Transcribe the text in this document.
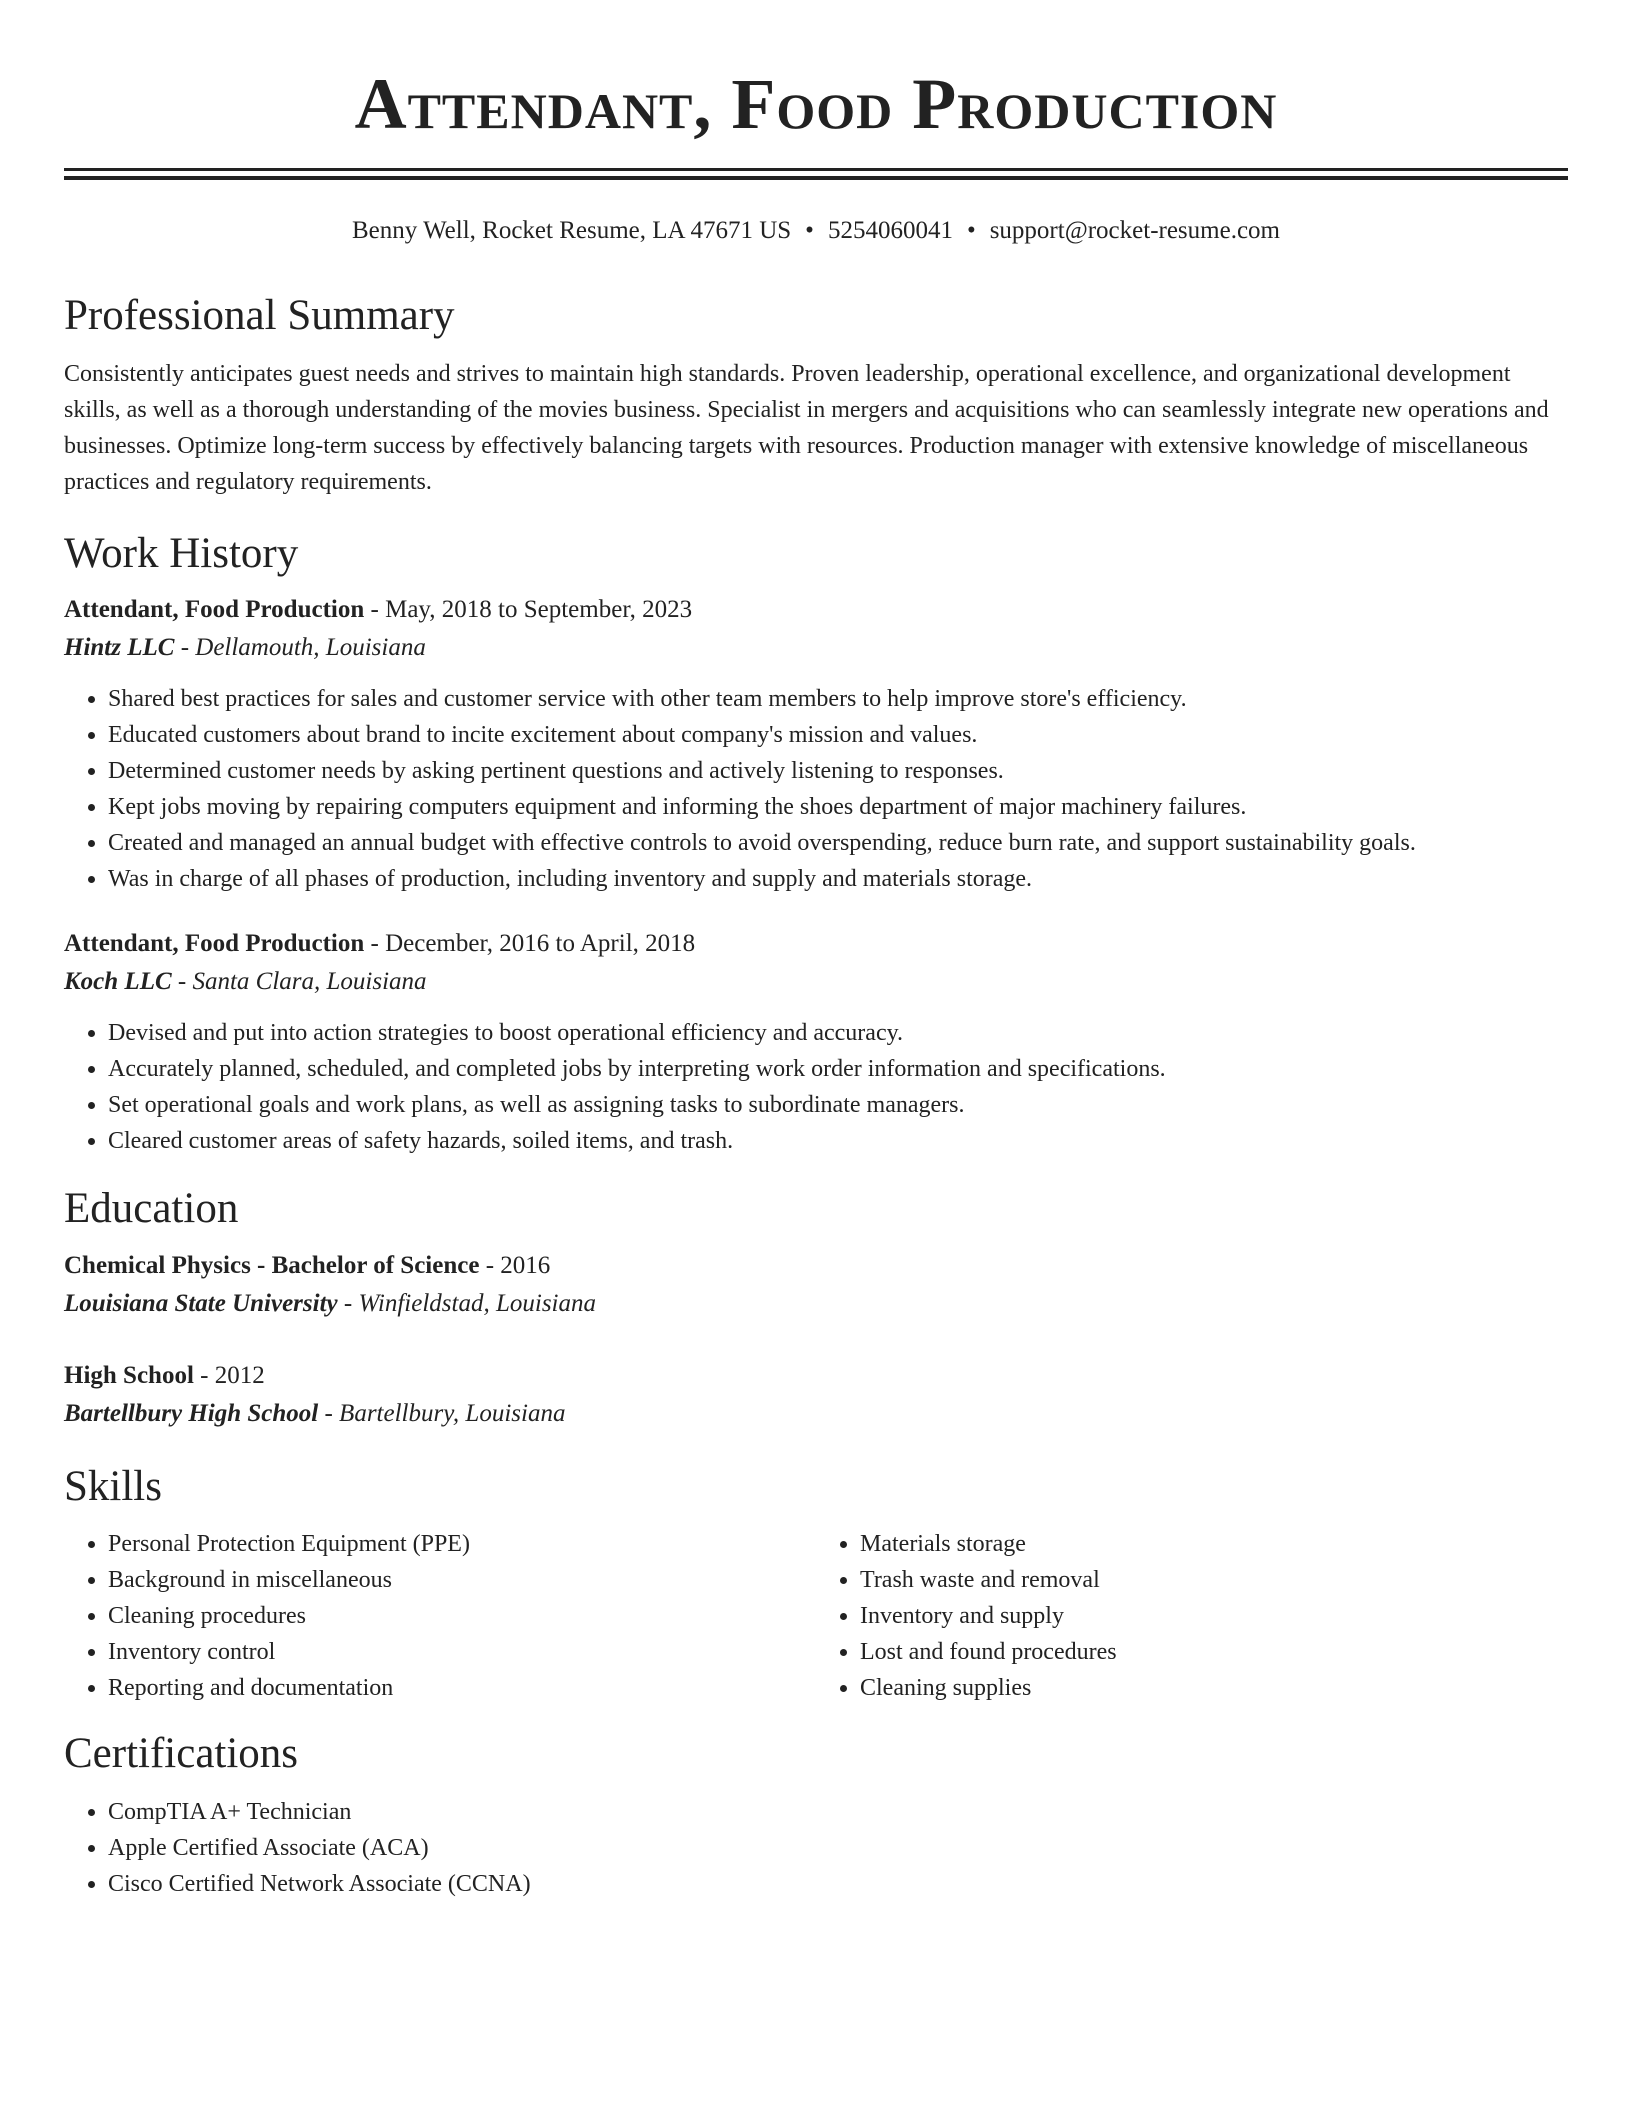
Attendant, Food Production
Benny Well, Rocket Resume, LA 47671 US • 5254060041 • support@rocket-resume.com
Professional Summary
Consistently anticipates guest needs and strives to maintain high standards. Proven leadership, operational excellence, and organizational development skills, as well as a thorough understanding of the movies business. Specialist in mergers and acquisitions who can seamlessly integrate new operations and businesses. Optimize long-term success by effectively balancing targets with resources. Production manager with extensive knowledge of miscellaneous practices and regulatory requirements.
Work History
Attendant, Food Production - May, 2018 to September, 2023
Hintz LLC - Dellamouth, Louisiana
• Shared best practices for sales and customer service with other team members to help improve store's efficiency.
• Educated customers about brand to incite excitement about company's mission and values.
• Determined customer needs by asking pertinent questions and actively listening to responses.
• Kept jobs moving by repairing computers equipment and informing the shoes department of major machinery failures.
• Created and managed an annual budget with effective controls to avoid overspending, reduce burn rate, and support sustainability goals.
• Was in charge of all phases of production, including inventory and supply and materials storage.
Attendant, Food Production - December, 2016 to April, 2018
Koch LLC - Santa Clara, Louisiana
• Devised and put into action strategies to boost operational efficiency and accuracy.
• Accurately planned, scheduled, and completed jobs by interpreting work order information and specifications.
• Set operational goals and work plans, as well as assigning tasks to subordinate managers.
• Cleared customer areas of safety hazards, soiled items, and trash.
Education
Chemical Physics - Bachelor of Science - 2016
Louisiana State University - Winfieldstad, Louisiana
High School - 2012
Bartellbury High School - Bartellbury, Louisiana
Skills
• Personal Protection Equipment (PPE)
• Background in miscellaneous
• Cleaning procedures
• Inventory control
• Reporting and documentation
• Materials storage
• Trash waste and removal
• Inventory and supply
• Lost and found procedures
• Cleaning supplies
Certifications
• CompTIA A+ Technician
• Apple Certified Associate (ACA)
• Cisco Certified Network Associate (CCNA)
